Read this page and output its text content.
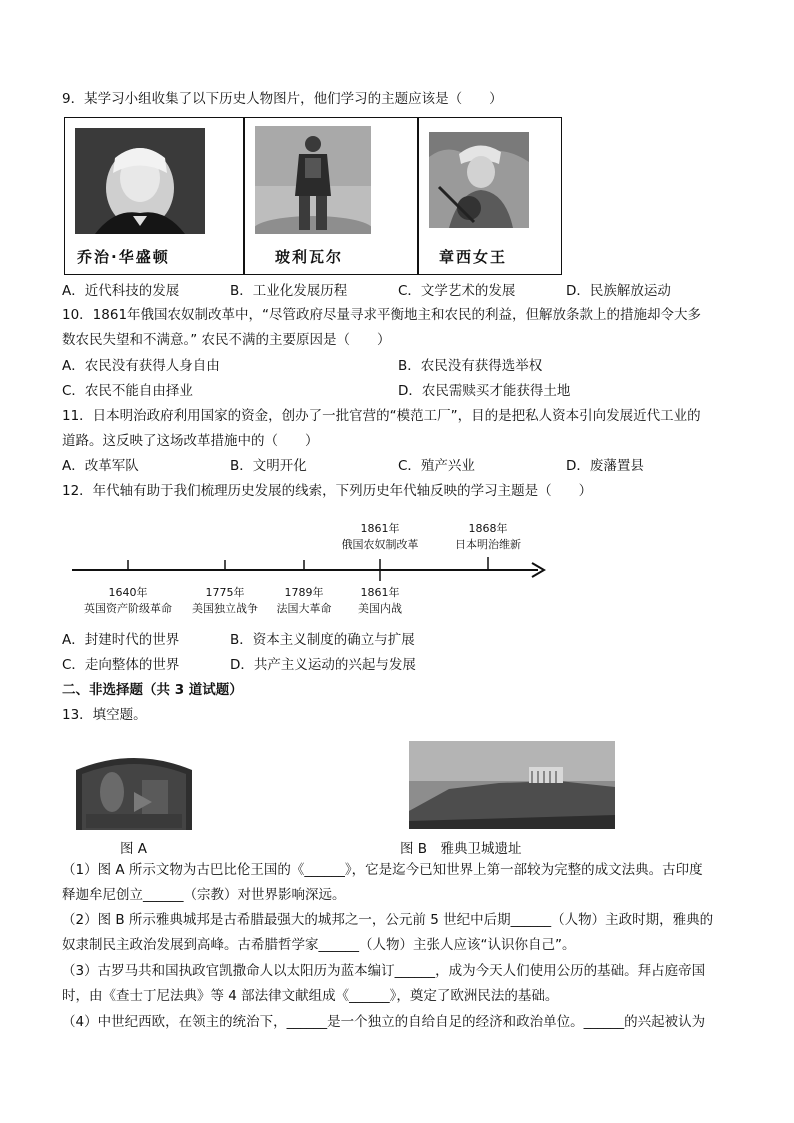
9．某学习小组收集了以下历史人物图片，他们学习的主题应该是（　　）
乔治·华盛顿	玻利瓦尔	章西女王
A．近代科技的发展	B．工业化发展历程	C．文学艺术的发展	D．民族解放运动
10．1861年俄国农奴制改革中，“尽管政府尽量寻求平衡地主和农民的利益，但解放条款上的措施却令大多
数农民失望和不满意。” 农民不满的主要原因是（　　）
A．农民没有获得人身自由	B．农民没有获得选举权
C．农民不能自由择业	D．农民需赎买才能获得土地
11．日本明治政府利用国家的资金，创办了一批官营的“模范工厂”，目的是把私人资本引向发展近代工业的
道路。这反映了这场改革措施中的（　　）
A．改革军队	B．文明开化	C．殖产兴业	D．废藩置县
12．年代轴有助于我们梳理历史发展的线索，下列历史年代轴反映的学习主题是（　　）
1861年
俄国农奴制改革
1868年
日本明治维新
1640年
英国资产阶级革命
1775年
美国独立战争
1789年
法国大革命
1861年
美国内战
A．封建时代的世界	B．资本主义制度的确立与扩展
C．走向整体的世界	D．共产主义运动的兴起与发展
二、非选择题（共 3 道试题）
13．填空题。
图 A	图 B　雅典卫城遗址
（1）图 A 所示文物为古巴比伦王国的《______》，它是迄今已知世界上第一部较为完整的成文法典。古印度
释迦牟尼创立______（宗教）对世界影响深远。
（2）图 B 所示雅典城邦是古希腊最强大的城邦之一，公元前 5 世纪中后期______（人物）主政时期，雅典的
奴隶制民主政治发展到高峰。古希腊哲学家______（人物）主张人应该“认识你自己”。
（3）古罗马共和国执政官凯撒命人以太阳历为蓝本编订______，成为今天人们使用公历的基础。拜占庭帝国
时，由《查士丁尼法典》等 4 部法律文献组成《______》，奠定了欧洲民法的基础。
（4）中世纪西欧，在领主的统治下，______是一个独立的自给自足的经济和政治单位。______的兴起被认为
